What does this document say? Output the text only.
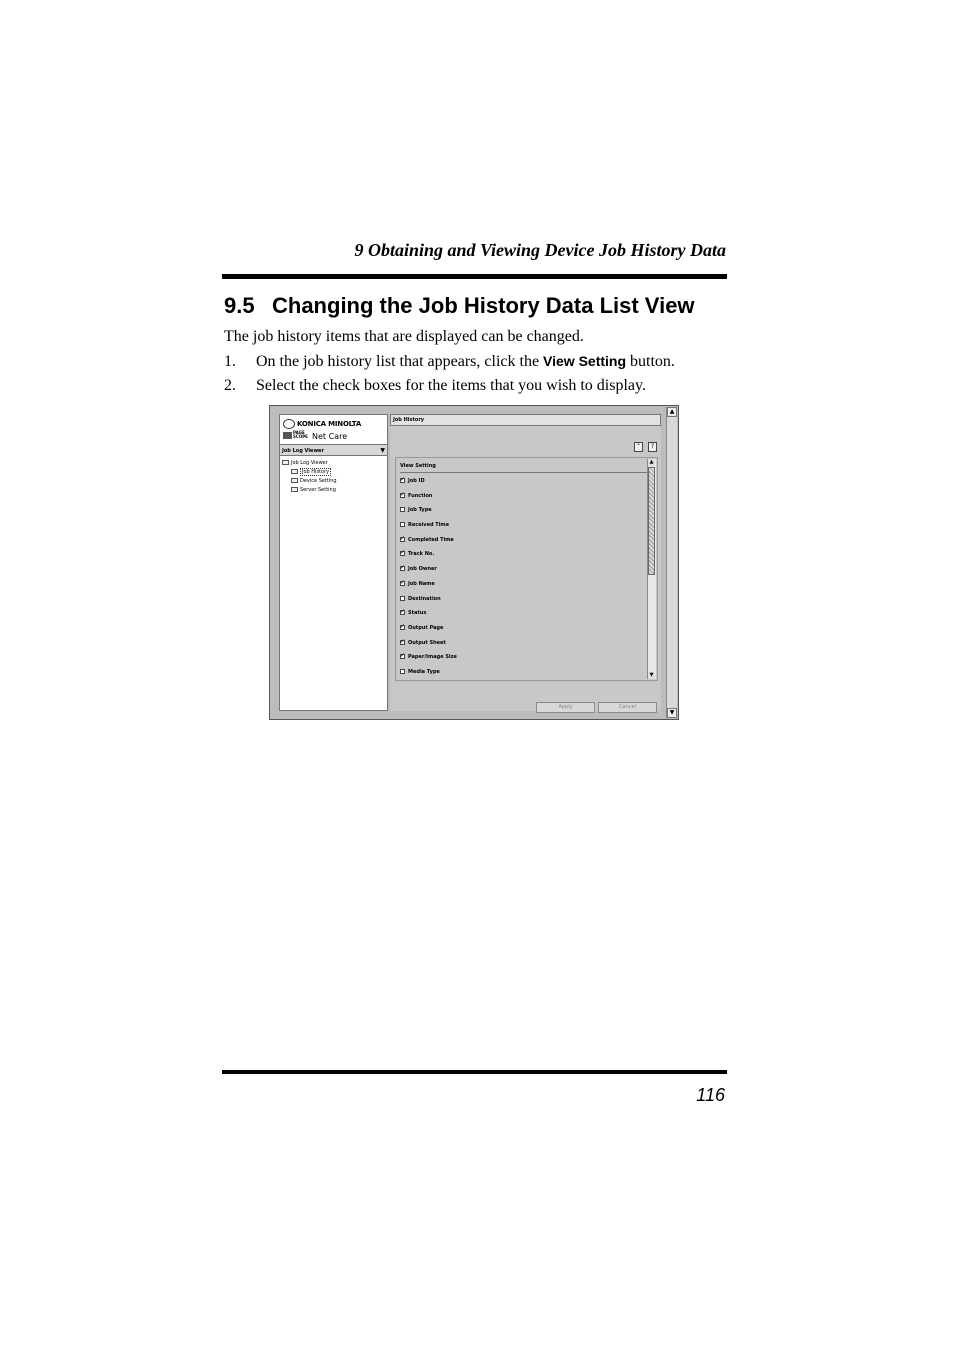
9 Obtaining and Viewing Device Job History Data
9.5 Changing the Job History Data List View
The job history items that are displayed can be changed.
1. On the job history list that appears, click the View Setting button.
2. Select the check boxes for the items that you wish to display.
▲
▼
KONICA MINOLTA
PAGE
SCOPE Net Care
Job Log Viewer	▼
Job Log Viewer
Job History
Device Setting
Server Setting
Job History
⌃	?
View Setting
✓Job ID
✓Function
Job Type
Received Time
✓Completed Time
✓Track No.
✓Job Owner
✓Job Name
Destination
✓Status
✓Output Page
✓Output Sheet
✓Paper/Image Size
Media Type
▲
▼
Apply	Cancel
116
